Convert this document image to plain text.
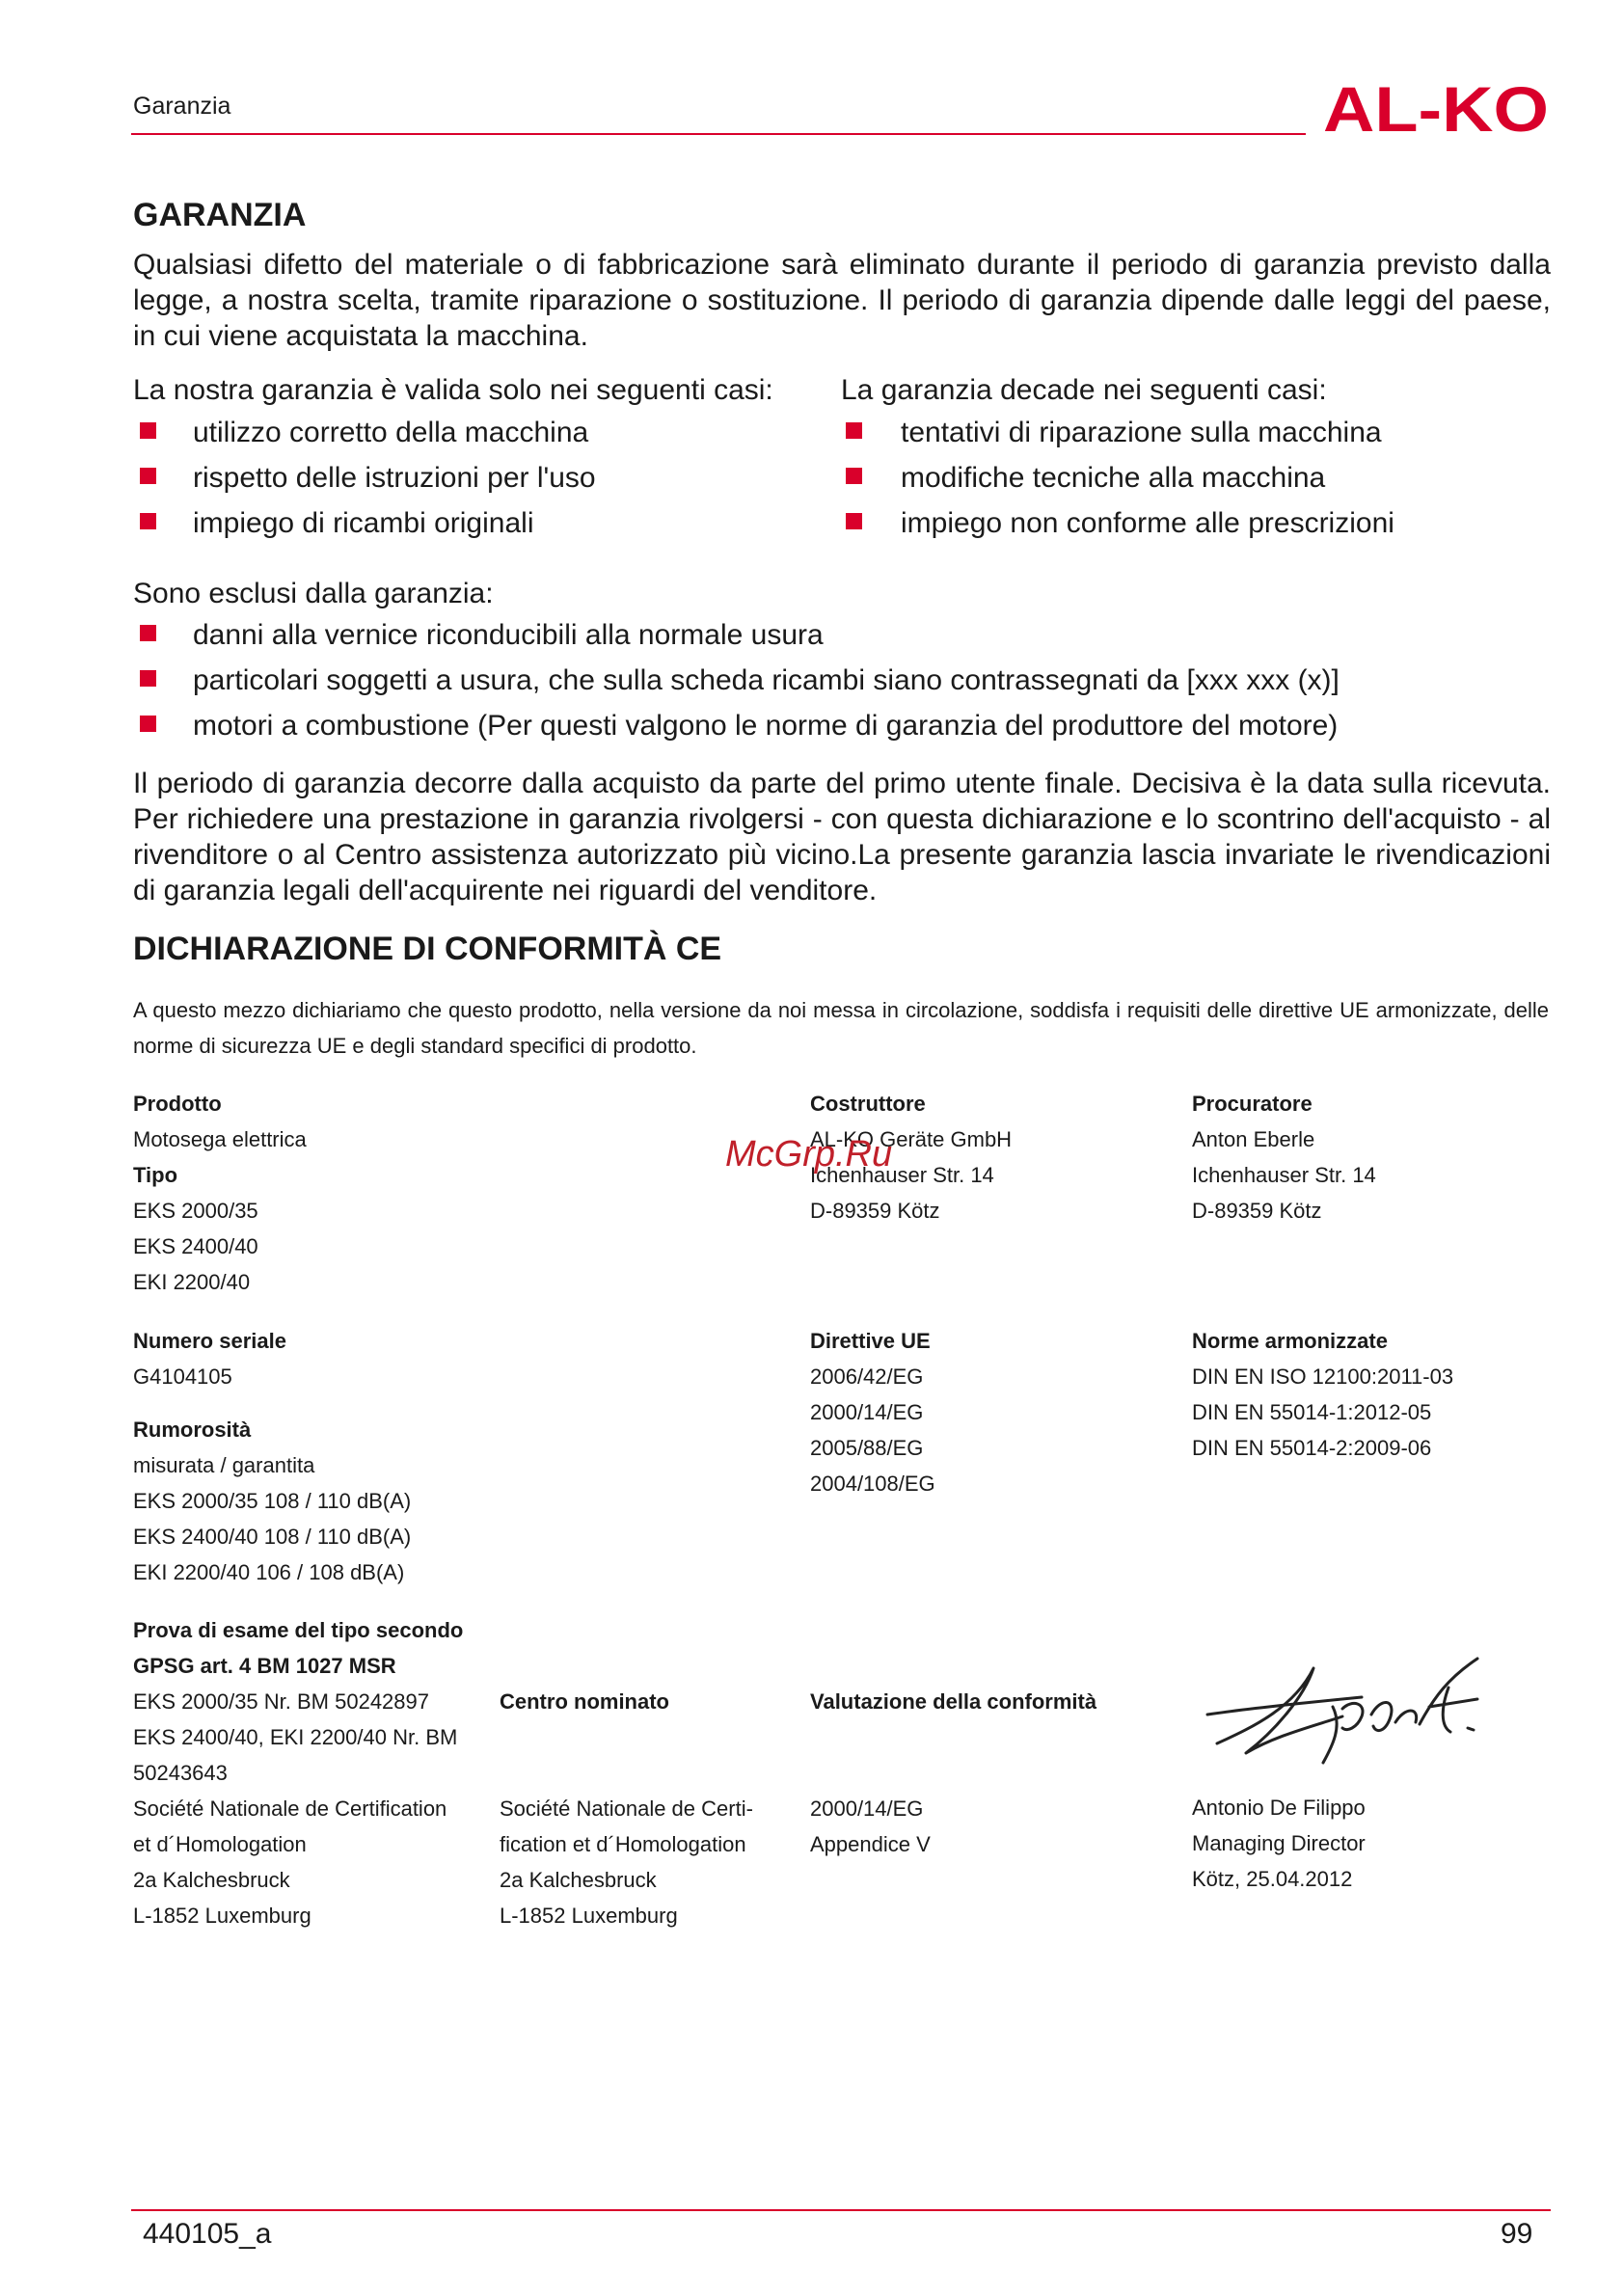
Garanzia	AL-KO
GARANZIA
Qualsiasi difetto del materiale o di fabbricazione sarà eliminato durante il periodo di garanzia previsto dalla legge, a nostra scelta, tramite riparazione o sostituzione. Il periodo di garanzia dipende dalle leggi del paese, in cui viene acquistata la macchina.
La nostra garanzia è valida solo nei seguenti casi: La garanzia decade nei seguenti casi:
utilizzo corretto della macchina
rispetto delle istruzioni per l'uso
impiego di ricambi originali
tentativi di riparazione sulla macchina
modifiche tecniche alla macchina
impiego non conforme alle prescrizioni
Sono esclusi dalla garanzia:
danni alla vernice riconducibili alla normale usura
particolari soggetti a usura, che sulla scheda ricambi siano contrassegnati da [xxx xxx (x)]
motori a combustione (Per questi valgono le norme di garanzia del produttore del motore)
Il periodo di garanzia decorre dalla acquisto da parte del primo utente finale. Decisiva è la data sulla ricevuta. Per richiedere una prestazione in garanzia rivolgersi - con questa dichiarazione e lo scontrino dell'acquisto - al rivenditore o al Centro assistenza autorizzato più vicino.La presente garanzia lascia invariate le rivendicazioni di garanzia legali dell'acquirente nei riguardi del venditore.
DICHIARAZIONE DI CONFORMITÀ CE
A questo mezzo dichiariamo che questo prodotto, nella versione da noi messa in circolazione, soddisfa i requisiti delle direttive UE armonizzate, delle norme di sicurezza UE e degli standard specifici di prodotto.
Prodotto
Motosega elettrica
Tipo
EKS 2000/35
EKS 2400/40
EKI 2200/40
Numero seriale
G4104105
Rumorosità
misurata / garantita
EKS 2000/35 108 / 110 dB(A)
EKS 2400/40 108 / 110 dB(A)
EKI 2200/40 106 / 108 dB(A)
Prova di esame del tipo secondo
GPSG art. 4 BM 1027 MSR
EKS 2000/35 Nr. BM 50242897
EKS 2400/40, EKI 2200/40 Nr. BM
50243643
Société Nationale de Certification
et d´Homologation
2a Kalchesbruck
L-1852 Luxemburg
Centro nominato
Société Nationale de Certi-
fication et d´Homologation
2a Kalchesbruck
L-1852 Luxemburg
Costruttore
AL-KO Geräte GmbH
Ichenhauser Str. 14
D-89359 Kötz
Direttive UE
2006/42/EG
2000/14/EG
2005/88/EG
2004/108/EG
Valutazione della conformità
2000/14/EG
Appendice V
Procuratore
Anton Eberle
Ichenhauser Str. 14
D-89359 Kötz
Norme armonizzate
DIN EN ISO 12100:2011-03
DIN EN 55014-1:2012-05
DIN EN 55014-2:2009-06
Antonio De Filippo
Managing Director
Kötz, 25.04.2012
McGrp.Ru
440105_a	99
